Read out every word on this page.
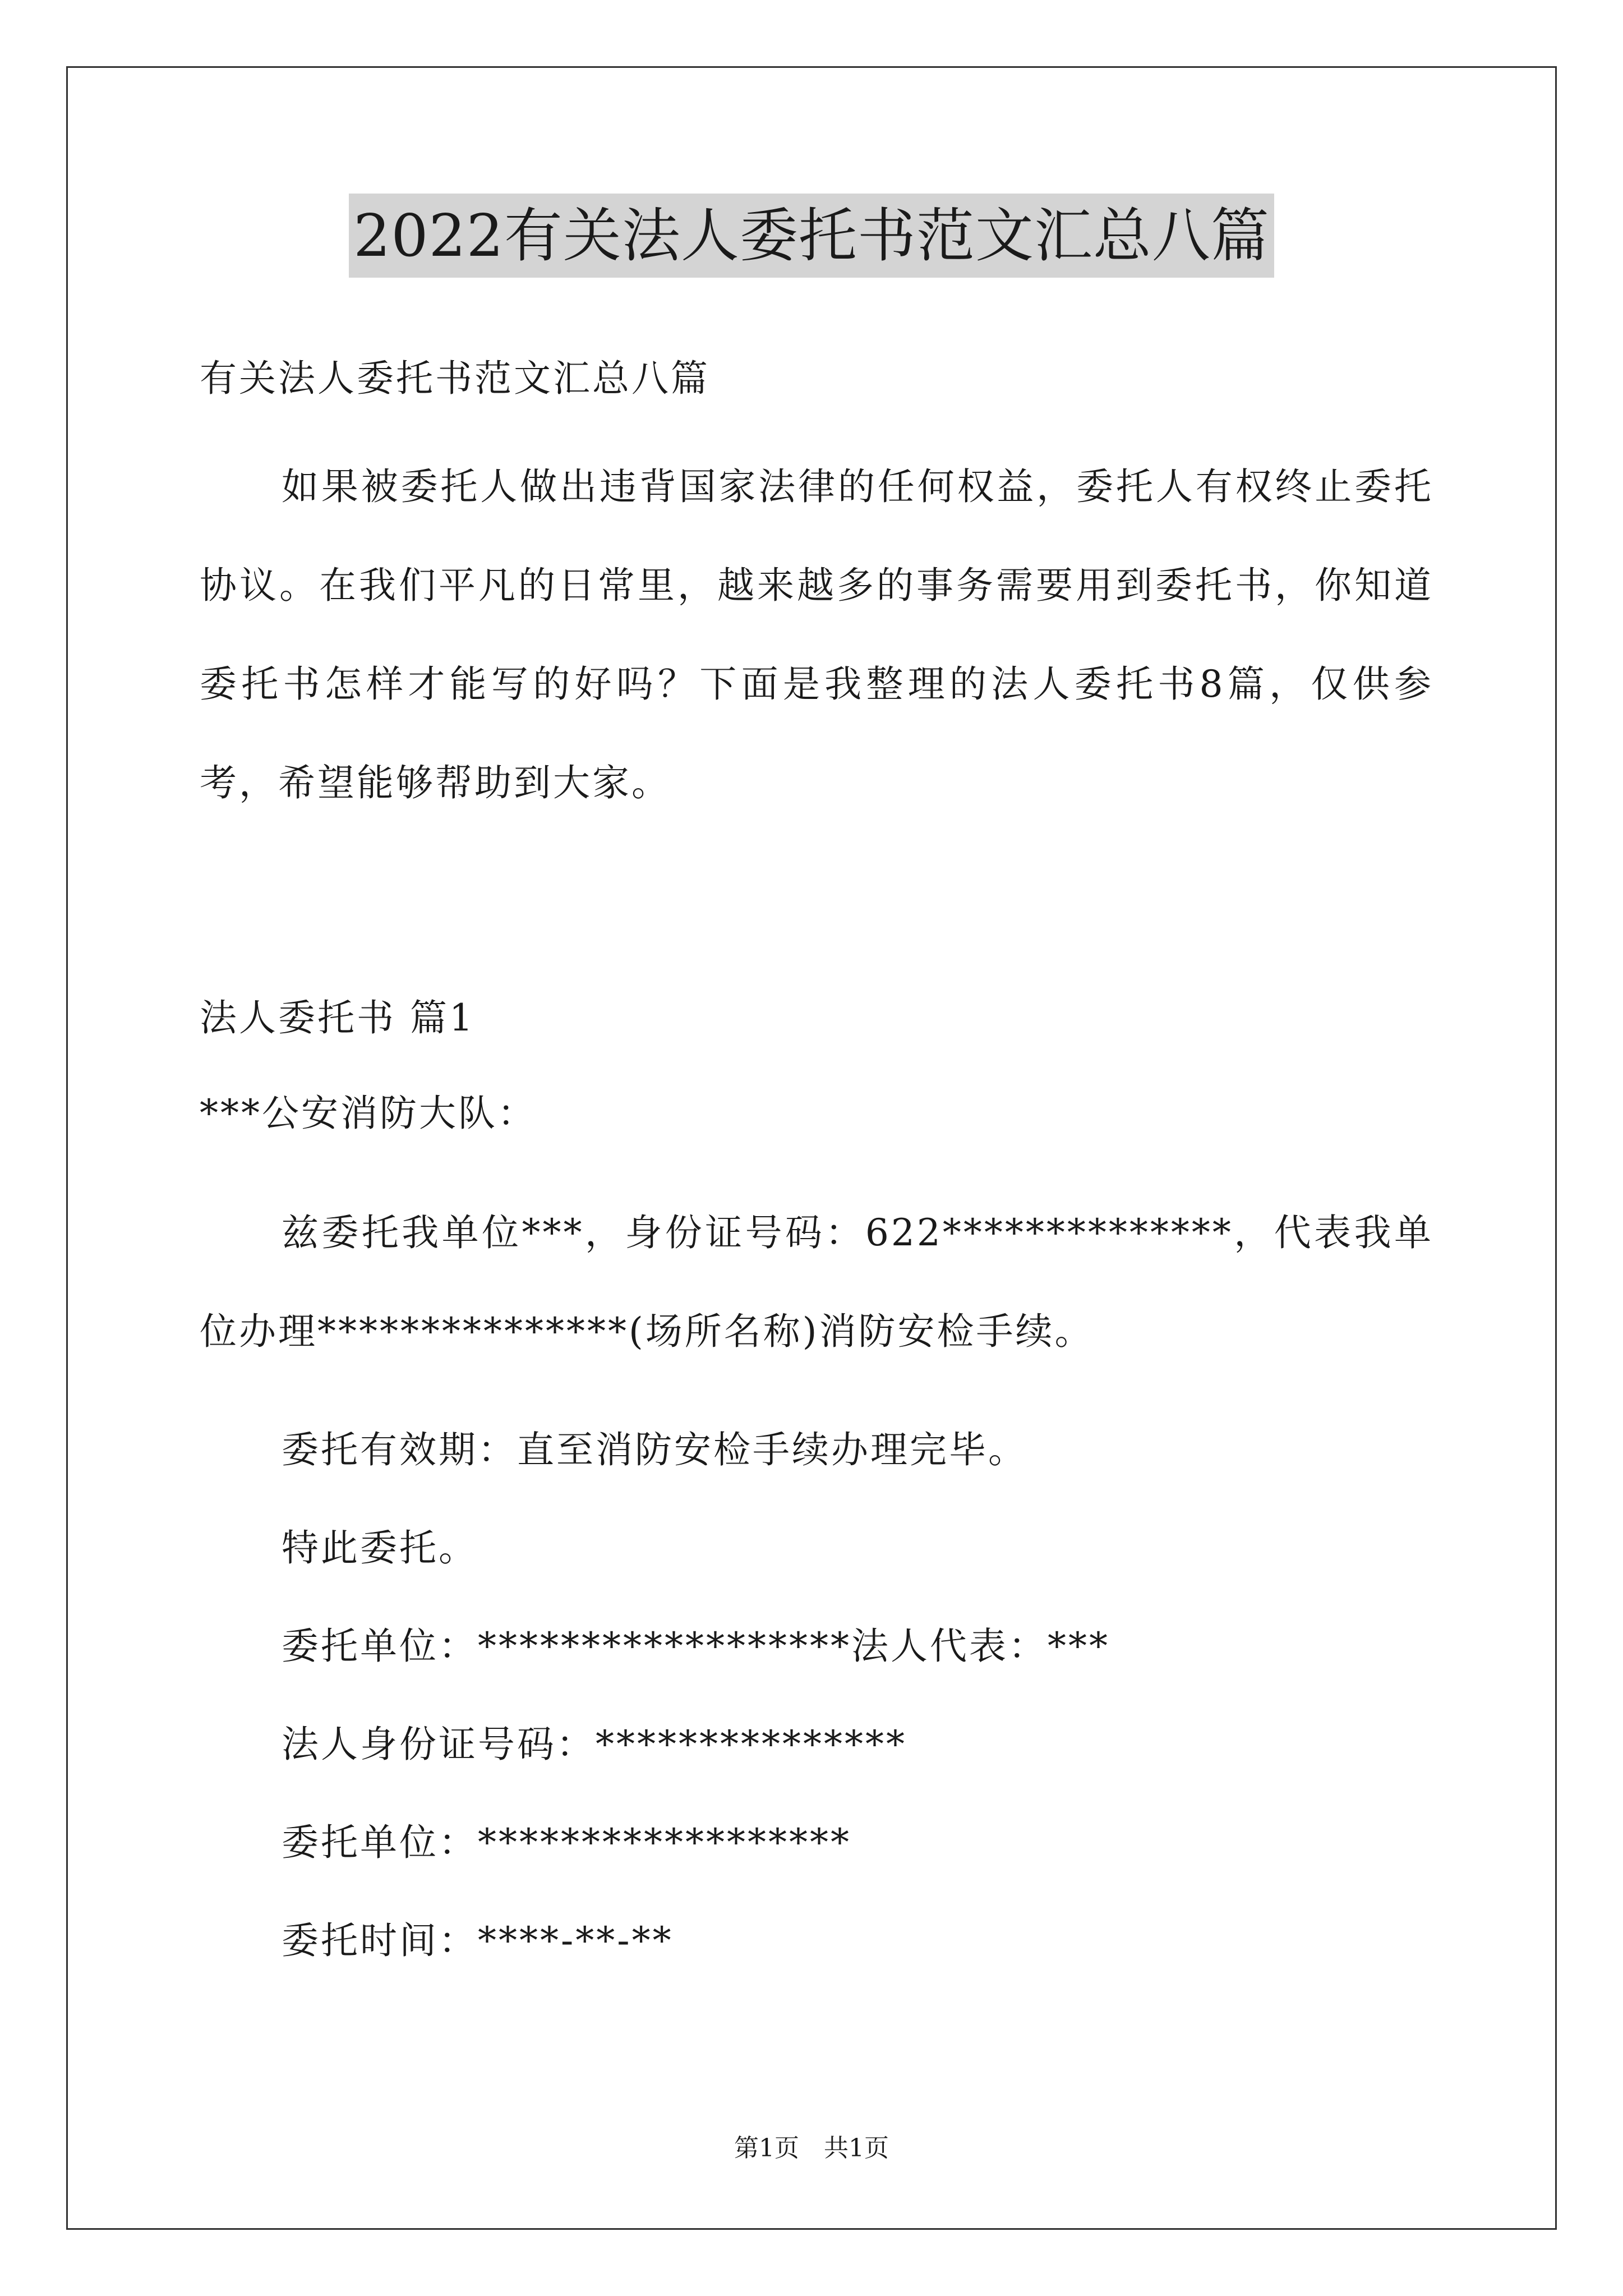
2022有关法人委托书范文汇总八篇
有关法人委托书范文汇总八篇
如果被委托人做出违背国家法律的任何权益，委托人有权终止委托协议。在我们平凡的日常里，越来越多的事务需要用到委托书，你知道委托书怎样才能写的好吗？下面是我整理的法人委托书8篇，仅供参考，希望能够帮助到大家。
法人委托书 篇1
***公安消防大队：
兹委托我单位***，身份证号码：622**************，代表我单位办理***************(场所名称)消防安检手续。
委托有效期：直至消防安检手续办理完毕。
特此委托。
委托单位：******************法人代表：***
法人身份证号码：***************
委托单位：******************
委托时间：****-**-**
第1页 共1页
